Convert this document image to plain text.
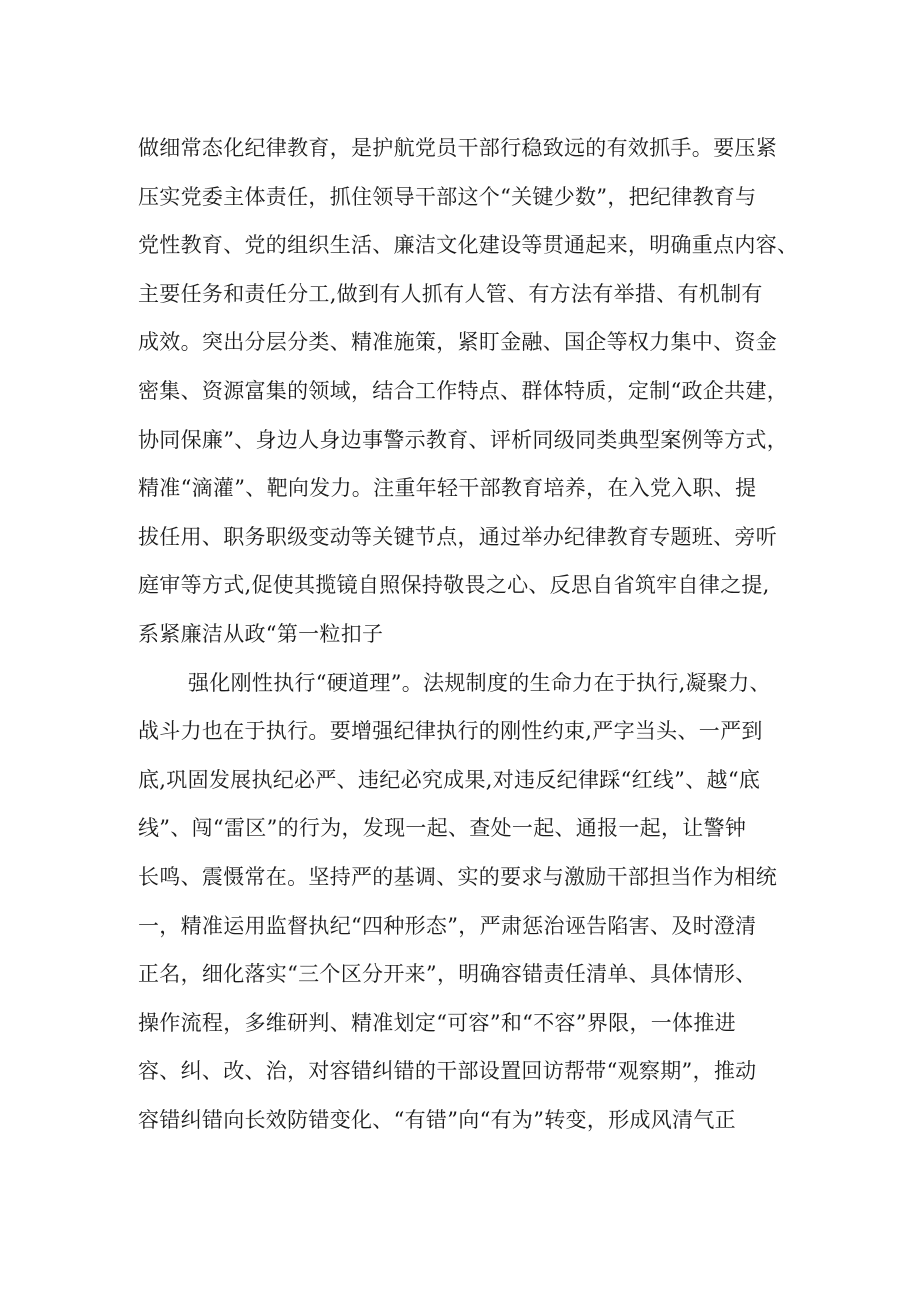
做细常态化纪律教育，是护航党员干部行稳致远的有效抓手。要压紧
压实党委主体责任，抓住领导干部这个“关键少数”，把纪律教育与
党性教育、党的组织生活、廉洁文化建设等贯通起来，明确重点内容、
主要任务和责任分工,做到有人抓有人管、有方法有举措、有机制有
成效。突出分层分类、精准施策，紧盯金融、国企等权力集中、资金
密集、资源富集的领域，结合工作特点、群体特质，定制“政企共建，
协同保廉”、身边人身边事警示教育、评析同级同类典型案例等方式，
精准“滴灌”、靶向发力。注重年轻干部教育培养，在入党入职、提
拔任用、职务职级变动等关键节点，通过举办纪律教育专题班、旁听
庭审等方式,促使其揽镜自照保持敬畏之心、反思自省筑牢自律之提,
系紧廉洁从政“第一粒扣子
强化刚性执行“硬道理”。法规制度的生命力在于执行,凝聚力、
战斗力也在于执行。要增强纪律执行的刚性约束,严字当头、一严到
底,巩固发展执纪必严、违纪必究成果,对违反纪律踩“红线”、越“底
线”、闯“雷区”的行为，发现一起、查处一起、通报一起，让警钟
长鸣、震慑常在。坚持严的基调、实的要求与激励干部担当作为相统
一，精准运用监督执纪“四种形态”，严肃惩治诬告陷害、及时澄清
正名，细化落实“三个区分开来”，明确容错责任清单、具体情形、
操作流程，多维研判、精准划定“可容”和“不容”界限，一体推进
容、纠、改、治，对容错纠错的干部设置回访帮带“观察期”，推动
容错纠错向长效防错变化、“有错”向“有为”转变，形成风清气正
